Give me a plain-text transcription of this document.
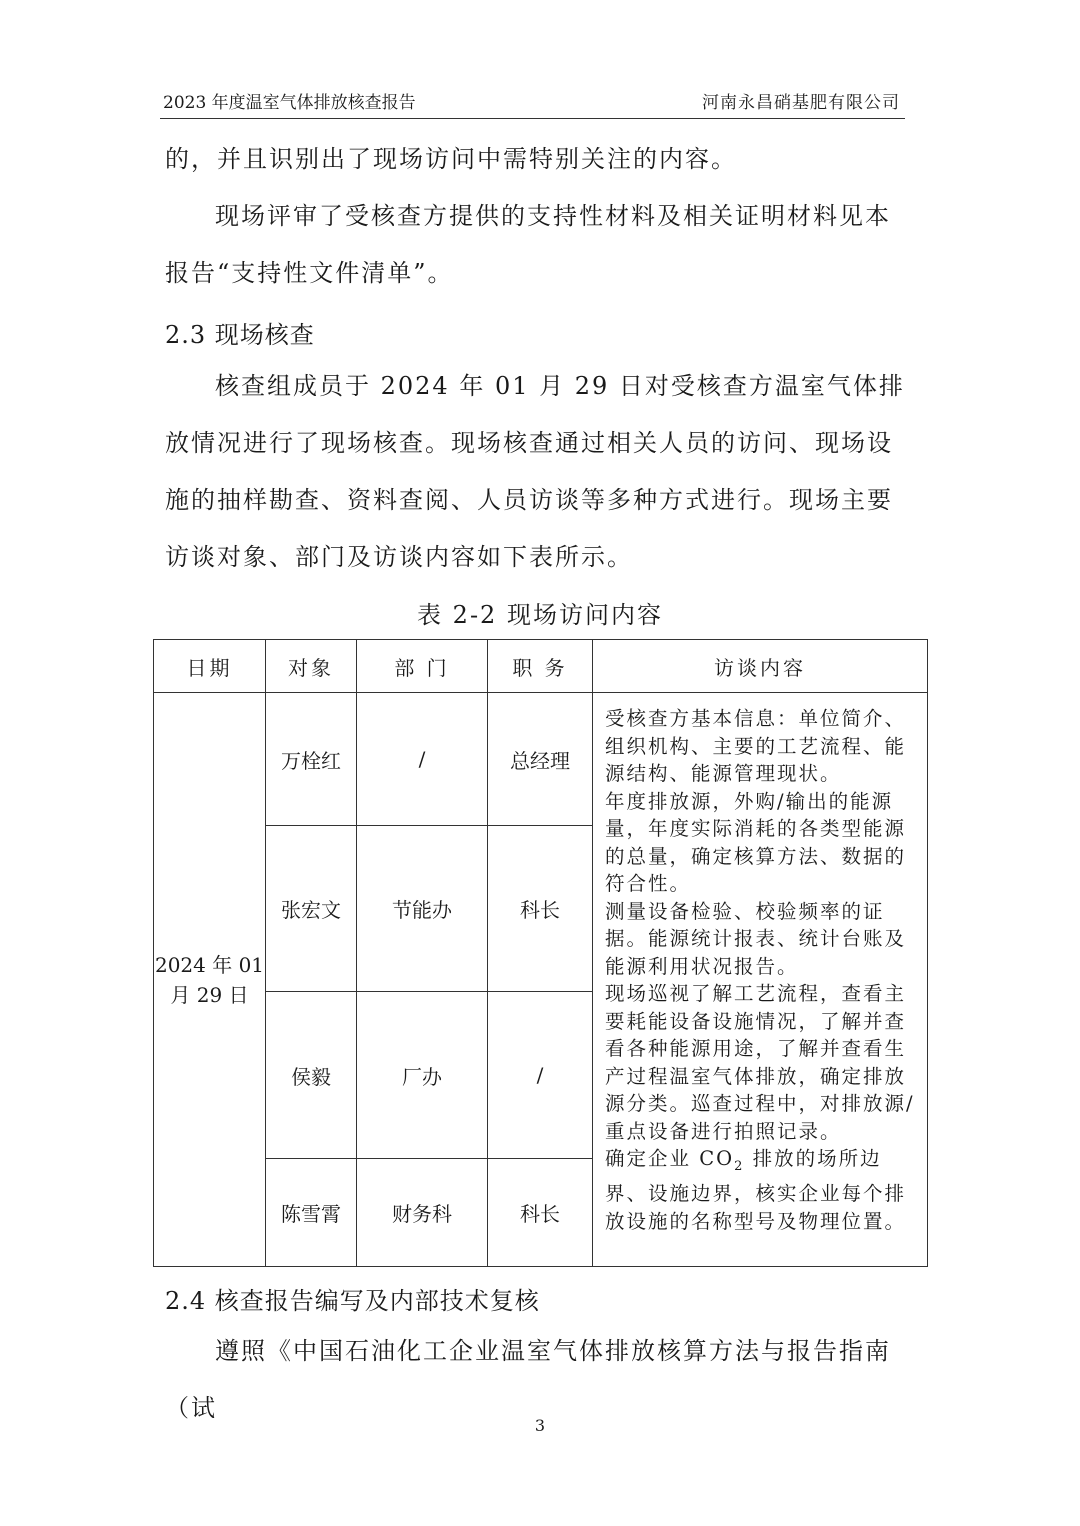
2023 年度温室气体排放核查报告	河南永昌硝基肥有限公司

的，并且识别出了现场访问中需特别关注的内容。

现场评审了受核查方提供的支持性材料及相关证明材料见本报告“支持性文件清单”。

2.3 现场核查

核查组成员于 2024 年 01 月 29 日对受核查方温室气体排放情况进行了现场核查。现场核查通过相关人员的访问、现场设施的抽样勘查、资料查阅、人员访谈等多种方式进行。现场主要访谈对象、部门及访谈内容如下表所示。

表 2-2 现场访问内容
日期	对象	部 门	职 务	访谈内容
2024 年 01 月 29 日	万栓红	/	总经理	受核查方基本信息：单位简介、组织机构、主要的工艺流程、能源结构、能源管理现状。

年度排放源，外购/输出的能源量，年度实际消耗的各类型能源的总量，确定核算方法、数据的符合性。

测量设备检验、校验频率的证据。能源统计报表、统计台账及能源利用状况报告。

现场巡视了解工艺流程，查看主要耗能设备设施情况，了解并查看各种能源用途，了解并查看生产过程温室气体排放，确定排放源分类。巡查过程中，对排放源/重点设备进行拍照记录。

确定企业 $CO_2$ 排放的场所边界、设施边界，核实企业每个排放设施的名称型号及物理位置。

	张宏文	节能办	科长	
	侯毅	厂办	/	
	陈雪霄	财务科	科长	
2.4 核查报告编写及内部技术复核

遵照《中国石油化工企业温室气体排放核算方法与报告指南（试

3
